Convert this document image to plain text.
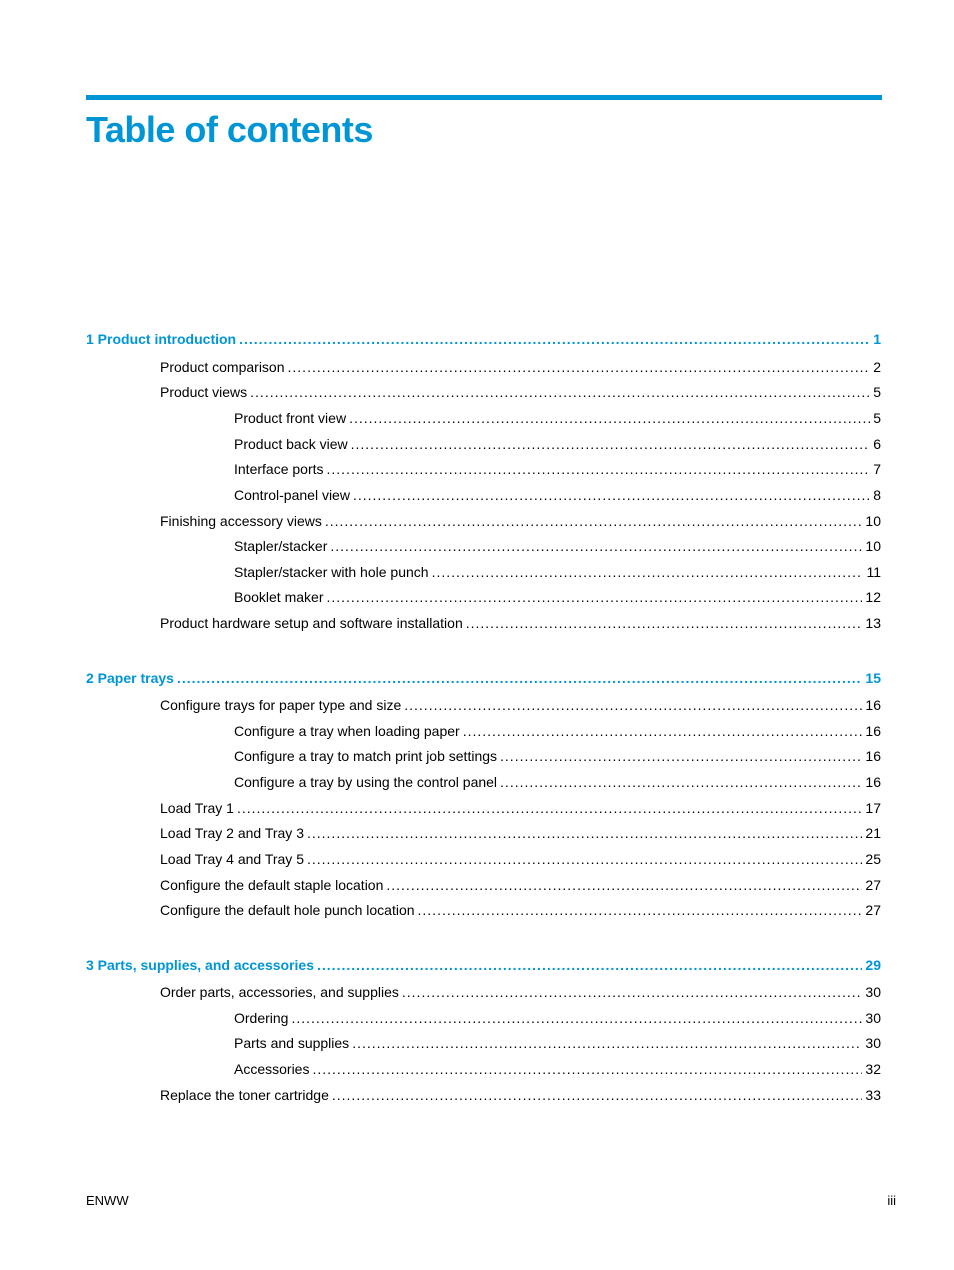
Table of contents
1 Product introduction .....	1
Product comparison .....	2
Product views .....	5
Product front view .....	5
Product back view .....	6
Interface ports .....	7
Control-panel view .....	8
Finishing accessory views .....	10
Stapler/stacker .....	10
Stapler/stacker with hole punch .....	11
Booklet maker .....	12
Product hardware setup and software installation .....	13
2 Paper trays .....	15
Configure trays for paper type and size .....	16
Configure a tray when loading paper .....	16
Configure a tray to match print job settings .....	16
Configure a tray by using the control panel .....	16
Load Tray 1 .....	17
Load Tray 2 and Tray 3 .....	21
Load Tray 4 and Tray 5 .....	25
Configure the default staple location .....	27
Configure the default hole punch location .....	27
3 Parts, supplies, and accessories .....	29
Order parts, accessories, and supplies .....	30
Ordering .....	30
Parts and supplies .....	30
Accessories .....	32
Replace the toner cartridge .....	33
ENWW	iii
